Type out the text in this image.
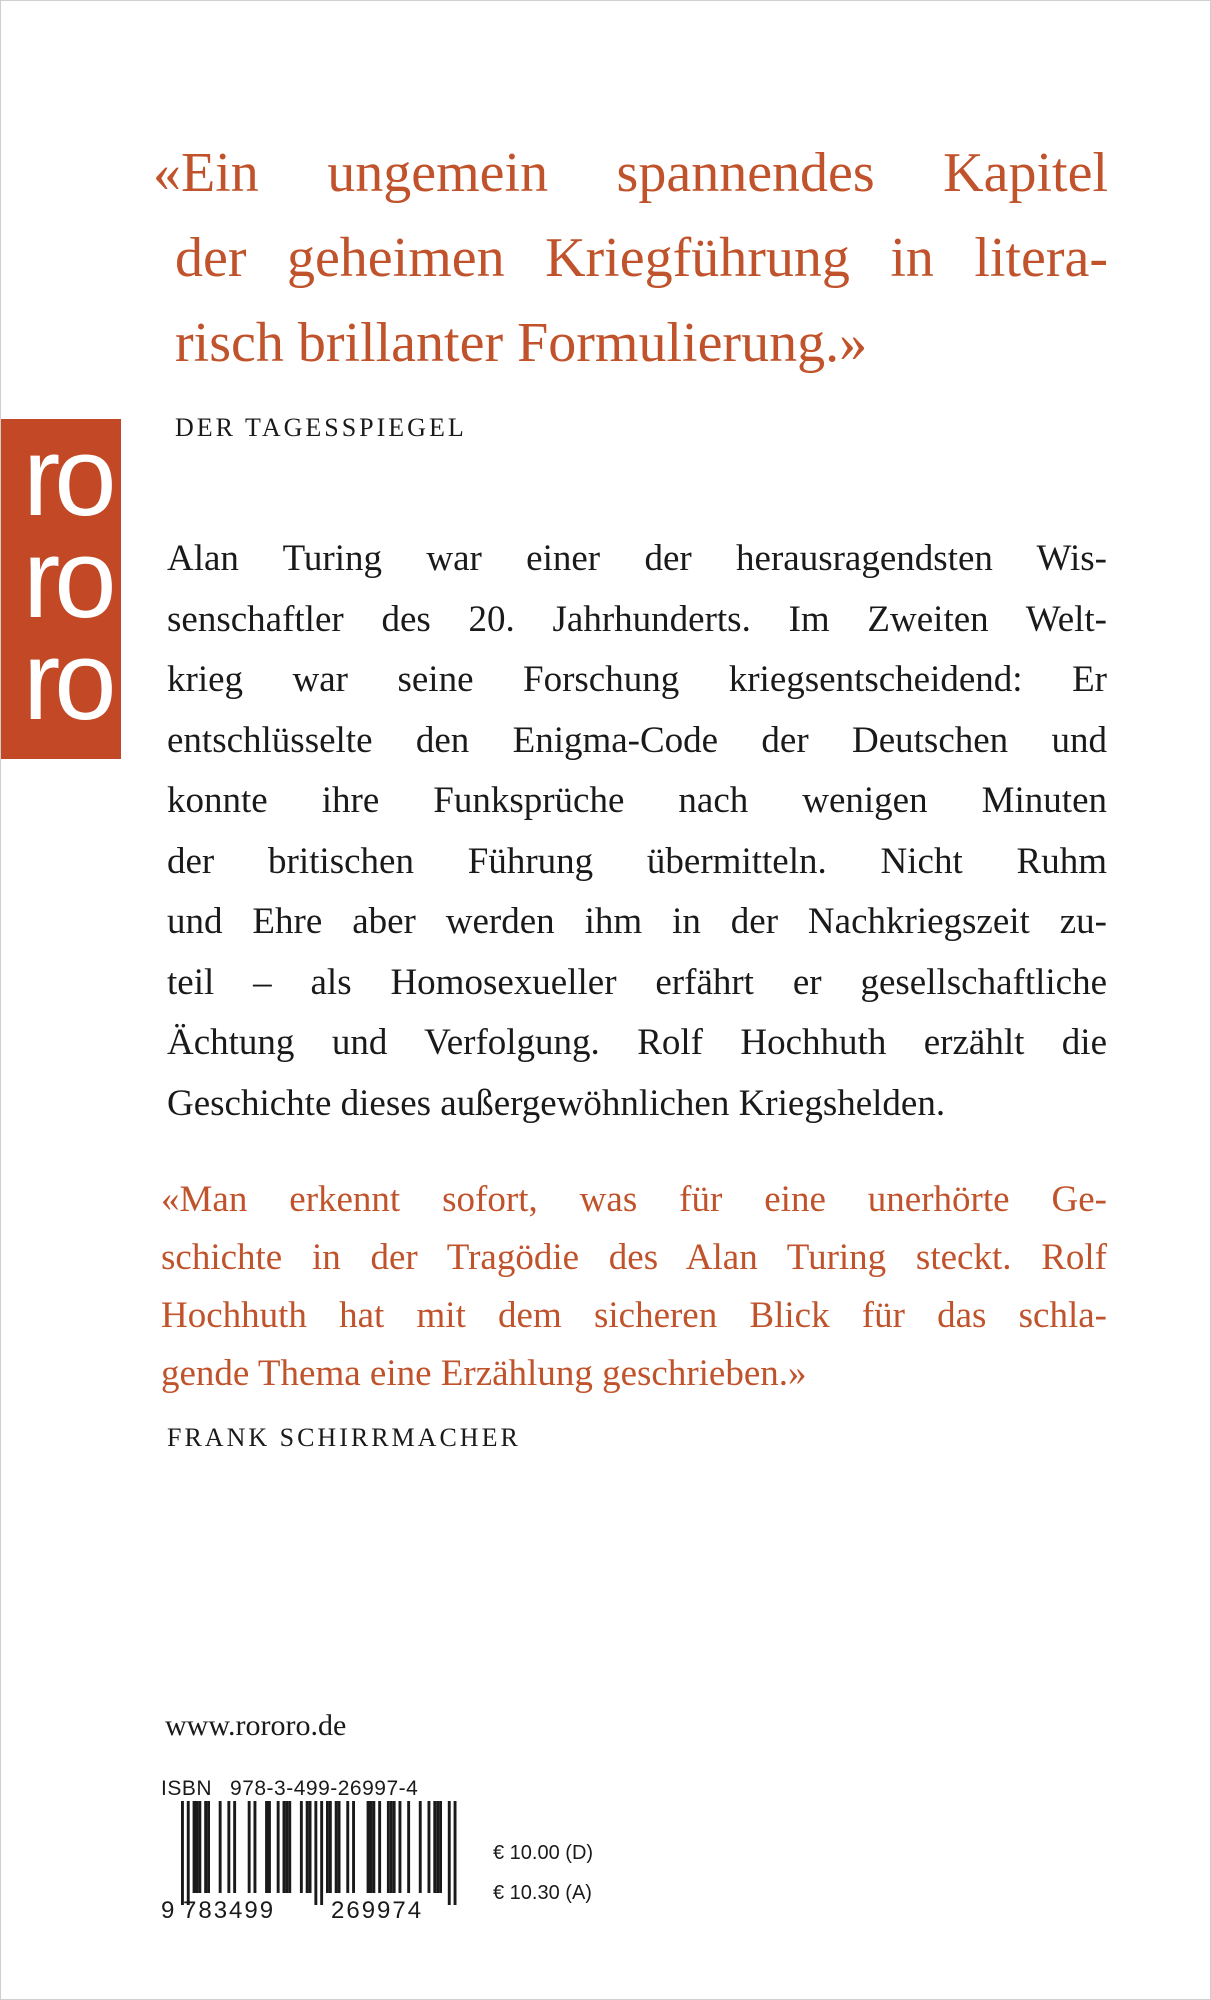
«Ein ungemein spannendes Kapitel
der geheimen Kriegführung in litera-
risch brillanter Formulierung.»
DER TAGESSPIEGEL
ro
ro
ro
Alan Turing war einer der herausragendsten Wis-
senschaftler des 20. Jahrhunderts. Im Zweiten Welt-
krieg war seine Forschung kriegsentscheidend: Er
entschlüsselte den Enigma-Code der Deutschen und
konnte ihre Funksprüche nach wenigen Minuten
der britischen Führung übermitteln. Nicht Ruhm
und Ehre aber werden ihm in der Nachkriegszeit zu-
teil – als Homosexueller erfährt er gesellschaftliche
Ächtung und Verfolgung. Rolf Hochhuth erzählt die
Geschichte dieses außergewöhnlichen Kriegshelden.
«Man erkennt sofort, was für eine unerhörte Ge-
schichte in der Tragödie des Alan Turing steckt. Rolf
Hochhuth hat mit dem sicheren Blick für das schla-
gende Thema eine Erzählung geschrieben.»
FRANK SCHIRRMACHER
www.rororo.de
ISBN 978-3-499-26997-4
9 783499 269974
€ 10.00 (D)
€ 10.30 (A)
